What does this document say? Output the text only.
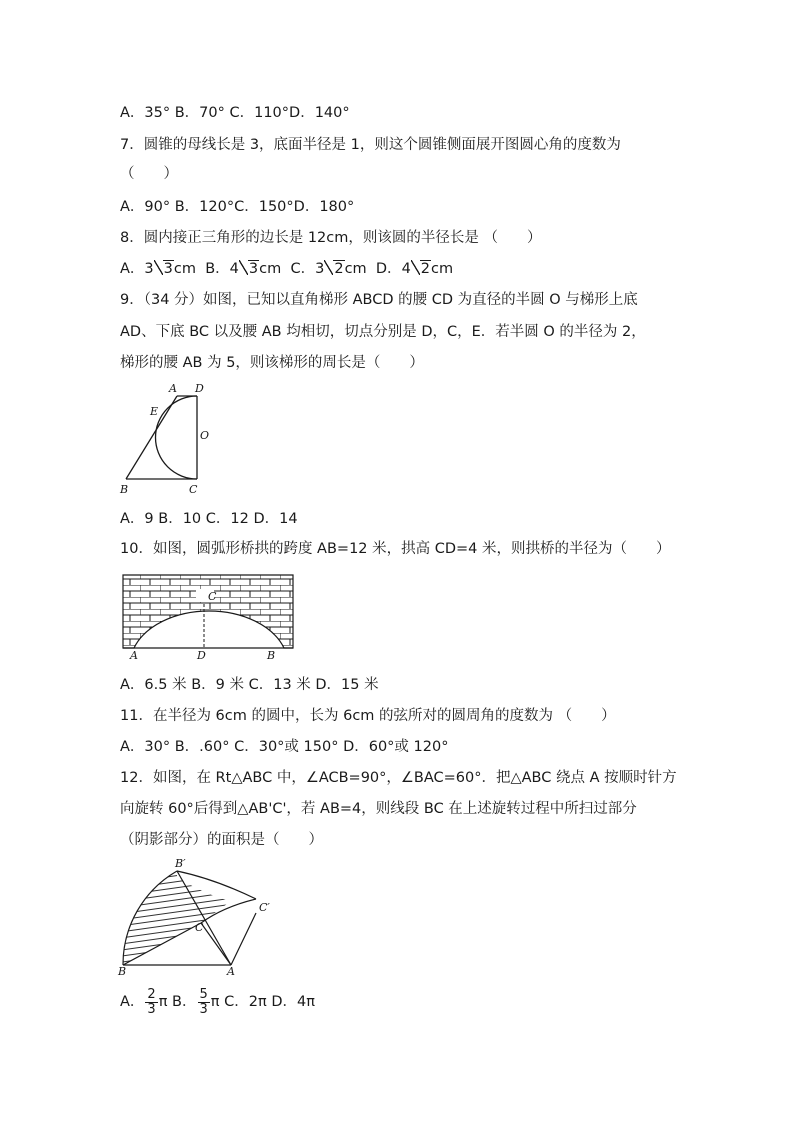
A．35° B．70° C．110°D．140°
7．圆锥的母线长是 3，底面半径是 1，则这个圆锥侧面展开图圆心角的度数为
（　　）
A．90° B．120°C．150°D．180°
8．圆内接正三角形的边长是 12cm，则该圆的半径长是 （　　）
A．3 3cm B．4 3cm C．3 2cm D．4 2cm
9．（34 分）如图，已知以直角梯形 ABCD 的腰 CD 为直径的半圆 O 与梯形上底
AD、下底 BC 以及腰 AB 均相切，切点分别是 D，C，E．若半圆 O 的半径为 2，
梯形的腰 AB 为 5，则该梯形的周长是（　　）
A D
E
O
B	C
A．9 B．10 C．12 D．14
10．如图，圆弧形桥拱的跨度 AB=12 米，拱高 CD=4 米，则拱桥的半径为（　　）
C
A	D	B
A．6.5 米 B．9 米 C．13 米 D．15 米
11．在半径为 6cm 的圆中，长为 6cm 的弦所对的圆周角的度数为 （　　）
A．30° B．.60° C．30°或 150° D．60°或 120°
12．如图，在 Rt△ABC 中，∠ACB=90°，∠BAC=60°．把△ABC 绕点 A 按顺时针方
向旋转 60°后得到△AB'C'，若 AB=4，则线段 BC 在上述旋转过程中所扫过部分
（阴影部分）的面积是（　　）
B′
C′
C
B	A
A． $\frac{2}{3}$ π B． $\frac{5}{3}$ π C．2π D．4π
